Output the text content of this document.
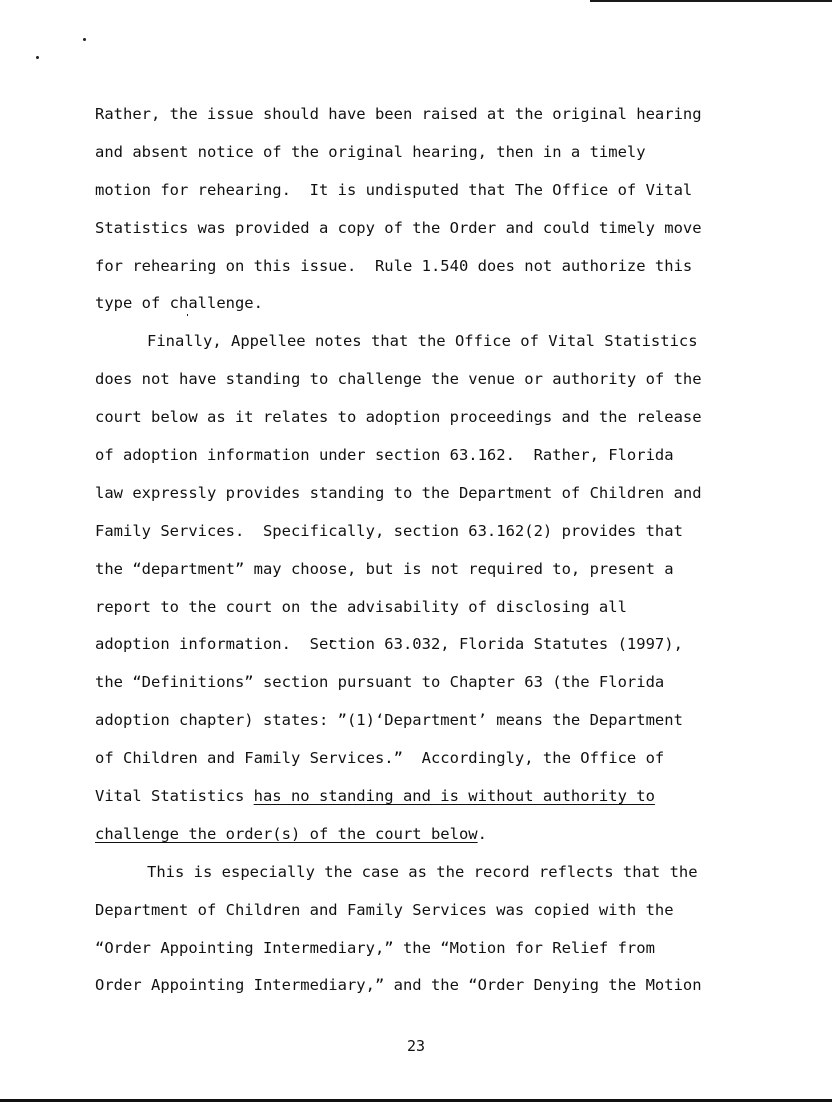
Rather, the issue should have been raised at the original hearing
and absent notice of the original hearing, then in a timely
motion for rehearing.  It is undisputed that The Office of Vital
Statistics was provided a copy of the Order and could timely move
for rehearing on this issue.  Rule 1.540 does not authorize this
type of challenge.
Finally, Appellee notes that the Office of Vital Statistics
does not have standing to challenge the venue or authority of the
court below as it relates to adoption proceedings and the release
of adoption information under section 63.162.  Rather, Florida
law expressly provides standing to the Department of Children and
Family Services.  Specifically, section 63.162(2) provides that
the “department” may choose, but is not required to, present a
report to the court on the advisability of disclosing all
adoption information.  Section 63.032, Florida Statutes (1997),
the “Definitions” section pursuant to Chapter 63 (the Florida
adoption chapter) states: ”(1)‘Department’ means the Department
of Children and Family Services.”  Accordingly, the Office of
Vital Statistics has no standing and is without authority to
challenge the order(s) of the court below.
This is especially the case as the record reflects that the
Department of Children and Family Services was copied with the
“Order Appointing Intermediary,” the “Motion for Relief from
Order Appointing Intermediary,” and the “Order Denying the Motion
23
